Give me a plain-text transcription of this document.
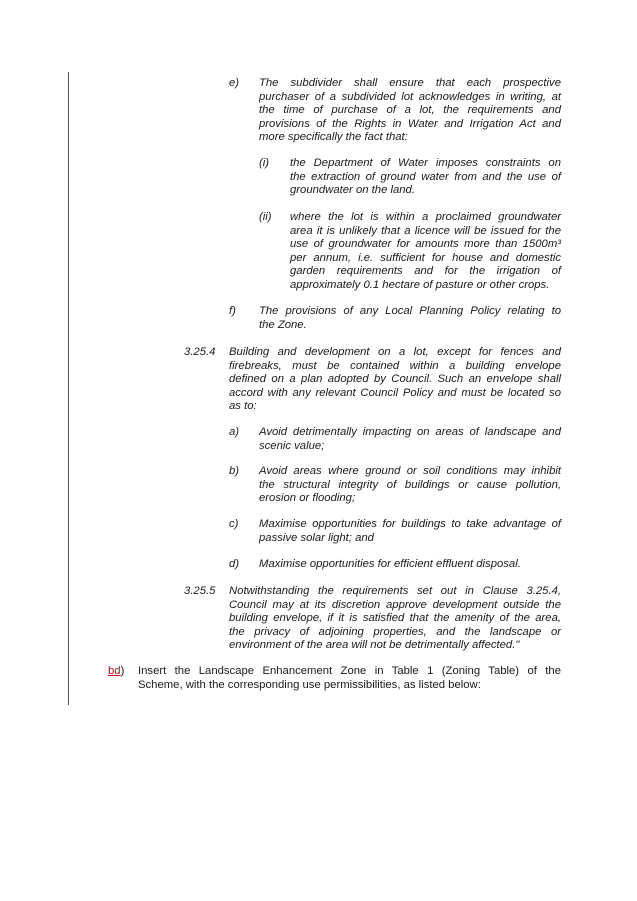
e) The subdivider shall ensure that each prospective
purchaser of a subdivided lot acknowledges in writing, at
the time of purchase of a lot, the requirements and
provisions of the Rights in Water and Irrigation Act and
more specifically the fact that:
(i) the Department of Water imposes constraints on
the extraction of ground water from and the use of
groundwater on the land.
(ii) where the lot is within a proclaimed groundwater
area it is unlikely that a licence will be issued for the
use of groundwater for amounts more than 1500m³
per annum, i.e. sufficient for house and domestic
garden requirements and for the irrigation of
approximately 0.1 hectare of pasture or other crops.
f) The provisions of any Local Planning Policy relating to
the Zone.
3.25.4 Building and development on a lot, except for fences and
firebreaks, must be contained within a building envelope
defined on a plan adopted by Council. Such an envelope shall
accord with any relevant Council Policy and must be located so
as to:
a) Avoid detrimentally impacting on areas of landscape and
scenic value;
b) Avoid areas where ground or soil conditions may inhibit
the structural integrity of buildings or cause pollution,
erosion or flooding;
c) Maximise opportunities for buildings to take advantage of
passive solar light; and
d) Maximise opportunities for efficient effluent disposal.
3.25.5 Notwithstanding the requirements set out in Clause 3.25.4,
Council may at its discretion approve development outside the
building envelope, if it is satisfied that the amenity of the area,
the privacy of adjoining properties, and the landscape or
environment of the area will not be detrimentally affected."
bd) Insert the Landscape Enhancement Zone in Table 1 (Zoning Table) of the
Scheme, with the corresponding use permissibilities, as listed below:
